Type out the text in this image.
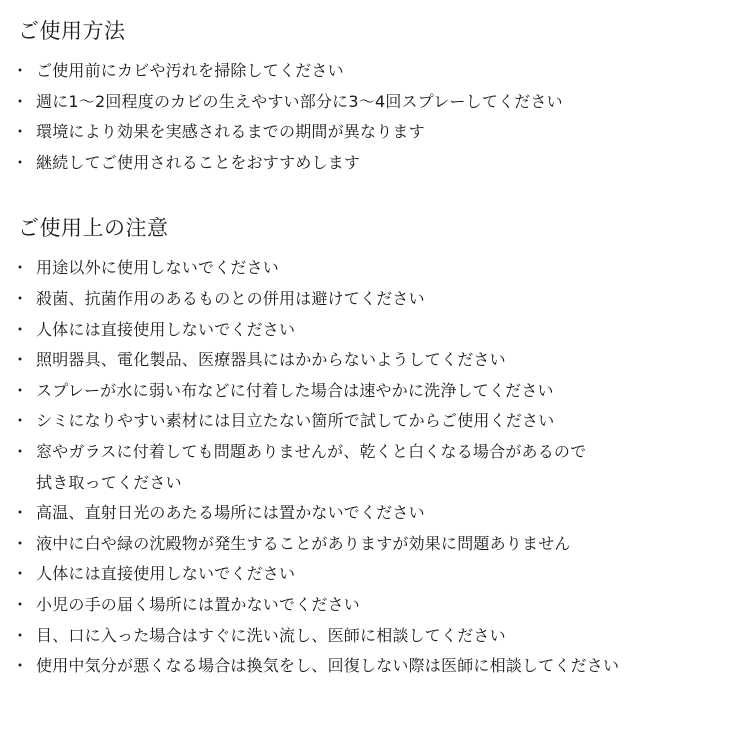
ご使用方法
・ ご使用前にカビや汚れを掃除してください
・ 週に1〜2回程度のカビの生えやすい部分に3〜4回スプレーしてください
・ 環境により効果を実感されるまでの期間が異なります
・ 継続してご使用されることをおすすめします
ご使用上の注意
・ 用途以外に使用しないでください
・ 殺菌、抗菌作用のあるものとの併用は避けてください
・ 人体には直接使用しないでください
・ 照明器具、電化製品、医療器具にはかからないようしてください
・ スプレーが水に弱い布などに付着した場合は速やかに洗浄してください
・ シミになりやすい素材には目立たない箇所で試してからご使用ください
・ 窓やガラスに付着しても問題ありませんが、乾くと白くなる場合があるので
拭き取ってください
・ 高温、直射日光のあたる場所には置かないでください
・ 液中に白や緑の沈殿物が発生することがありますが効果に問題ありません
・ 人体には直接使用しないでください
・ 小児の手の届く場所には置かないでください
・ 目、口に入った場合はすぐに洗い流し、医師に相談してください
・ 使用中気分が悪くなる場合は換気をし、回復しない際は医師に相談してください
